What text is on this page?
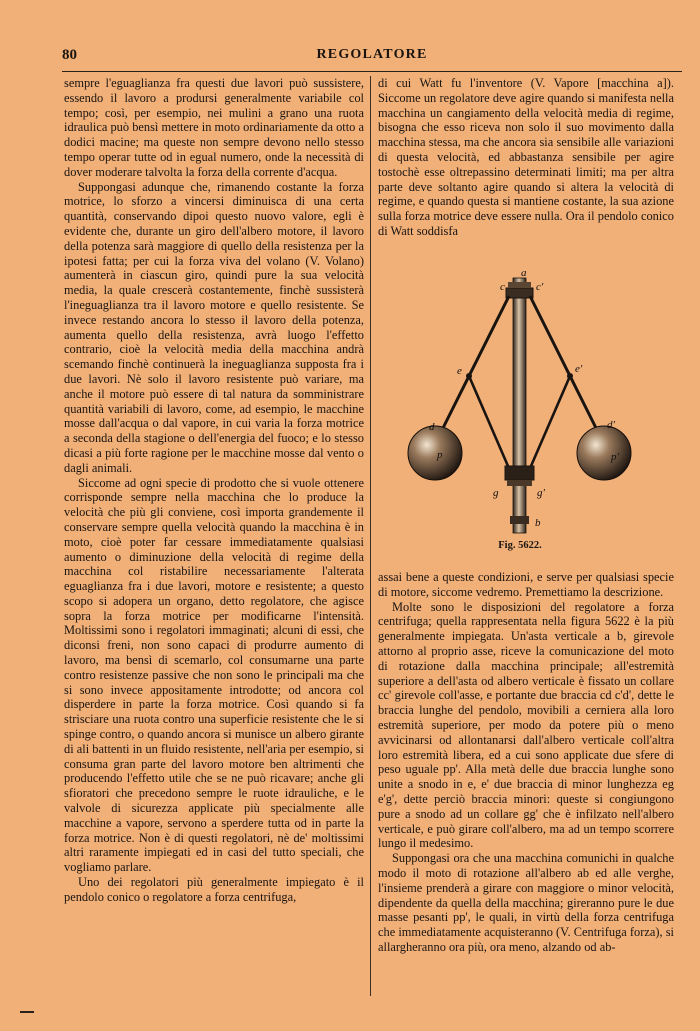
80	REGOLATORE

sempre l'eguaglianza fra questi due lavori può sussistere, essendo il lavoro a prodursi generalmente variabile col tempo; così, per esempio, nei mulini a grano una ruota idraulica può bensì mettere in moto ordinariamente da otto a dodici macine; ma queste non sempre devono nello stesso tempo operar tutte od in egual numero, onde la necessità di dover moderare talvolta la forza della corrente d'acqua.

Suppongasi adunque che, rimanendo costante la forza motrice, lo sforzo a vincersi diminuisca di una certa quantità, conservando dipoi questo nuovo valore, egli è evidente che, durante un giro dell'albero motore, il lavoro della potenza sarà maggiore di quello della resistenza per la ipotesi fatta; per cui la forza viva del volano (V. Volano) aumenterà in ciascun giro, quindi pure la sua velocità media, la quale crescerà costantemente, finchè sussisterà l'ineguaglianza tra il lavoro motore e quello resistente. Se invece restando ancora lo stesso il lavoro della potenza, aumenta quello della resistenza, avrà luogo l'effetto contrario, cioè la velocità media della macchina andrà scemando finchè continuerà la ineguaglianza supposta fra i due lavori. Nè solo il lavoro resistente può variare, ma anche il motore può essere di tal natura da somministrare quantità variabili di lavoro, come, ad esempio, le macchine mosse dall'acqua o dal vapore, in cui varia la forza motrice a seconda della stagione o dell'energia del fuoco; e lo stesso dicasi a più forte ragione per le macchine mosse dal vento o dagli animali.

Siccome ad ogni specie di prodotto che si vuole ottenere corrisponde sempre nella macchina che lo produce la velocità che più gli conviene, così importa grandemente il conservare sempre quella velocità quando la macchina è in moto, cioè poter far cessare immediatamente qualsiasi aumento o diminuzione della velocità di regime della macchina col ristabilire necessariamente l'alterata eguaglianza fra i due lavori, motore e resistente; a questo scopo si adopera un organo, detto regolatore, che agisce sopra la forza motrice per modificarne l'intensità. Moltissimi sono i regolatori immaginati; alcuni di essi, che diconsi freni, non sono capaci di produrre aumento di lavoro, ma bensì di scemarlo, col consumarne una parte contro resistenze passive che non sono le principali ma che si sono invece appositamente introdotte; od ancora col disperdere in parte la forza motrice. Così quando si fa strisciare una ruota contro una superficie resistente che le si spinge contro, o quando ancora si munisce un albero girante di ali battenti in un fluido resistente, nell'aria per esempio, si consuma gran parte del lavoro motore ben altrimenti che producendo l'effetto utile che se ne può ricavare; anche gli sfioratori che precedono sempre le ruote idrauliche, e le valvole di sicurezza applicate più specialmente alle macchine a vapore, servono a sperdere tutta od in parte la forza motrice. Non è di questi regolatori, nè de' moltissimi altri raramente impiegati ed in casi del tutto speciali, che vogliamo parlare.

Uno dei regolatori più generalmente impiegato è il pendolo conico o regolatore a forza centrifuga,

di cui Watt fu l'inventore (V. Vapore [macchina a]). Siccome un regolatore deve agire quando si manifesta nella macchina un cangiamento della velocità media di regime, bisogna che esso riceva non solo il suo movimento dalla macchina stessa, ma che ancora sia sensibile alle variazioni di questa velocità, ed abbastanza sensibile per agire tostochè esse oltrepassino determinati limiti; ma per altra parte deve soltanto agire quando si altera la velocità di regime, e quando questa si mantiene costante, la sua azione sulla forza motrice deve essere nulla. Ora il pendolo conico di Watt soddisfa

c
a
c'
e	e'
d	d'
p	p'
g	g'
b
Fig. 5622.

assai bene a queste condizioni, e serve per qualsiasi specie di motore, siccome vedremo. Premettiamo la descrizione.

Molte sono le disposizioni del regolatore a forza centrifuga; quella rappresentata nella figura 5622 è la più generalmente impiegata. Un'asta verticale a b, girevole attorno al proprio asse, riceve la comunicazione del moto di rotazione dalla macchina principale; all'estremità superiore a dell'asta od albero verticale è fissato un collare cc' girevole coll'asse, e portante due braccia cd c'd', dette le braccia lunghe del pendolo, movibili a cerniera alla loro estremità superiore, per modo da potere più o meno avvicinarsi od allontanarsi dall'albero verticale coll'altra loro estremità libera, ed a cui sono applicate due sfere di peso uguale pp'. Alla metà delle due braccia lunghe sono unite a snodo in e, e' due braccia di minor lunghezza eg e'g', dette perciò braccia minori: queste si congiungono pure a snodo ad un collare gg' che è infilzato nell'albero verticale, e può girare coll'albero, ma ad un tempo scorrere lungo il medesimo.

Suppongasi ora che una macchina comunichi in qualche modo il moto di rotazione all'albero ab ed alle verghe, l'insieme prenderà a girare con maggiore o minor velocità, dipendente da quella della macchina; gireranno pure le due masse pesanti pp', le quali, in virtù della forza centrifuga che immediatamente acquisteranno (V. Centrifuga forza), si allargheranno ora più, ora meno, alzando od ab-
